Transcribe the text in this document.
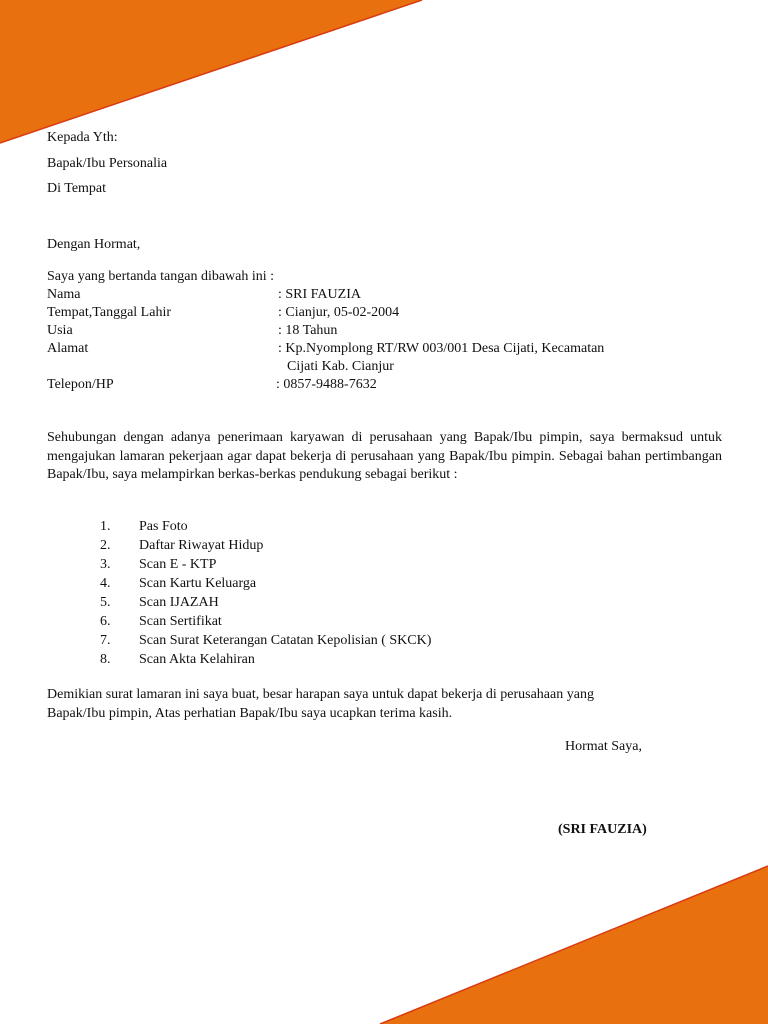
Kepada Yth:
Bapak/Ibu Personalia
Di Tempat
Dengan Hormat,
Saya yang bertanda tangan dibawah ini :
Nama	: SRI FAUZIA
Tempat,Tanggal Lahir	: Cianjur, 05-02-2004
Usia	: 18 Tahun
Alamat	: Kp.Nyomplong RT/RW 003/001 Desa Cijati, Kecamatan
Cijati Kab. Cianjur
Telepon/HP	: 0857-9488-7632
Sehubungan dengan adanya penerimaan karyawan di perusahaan yang Bapak/Ibu pimpin, saya bermaksud untuk mengajukan lamaran pekerjaan agar dapat bekerja di perusahaan yang Bapak/Ibu pimpin. Sebagai bahan pertimbangan Bapak/Ibu, saya melampirkan berkas-berkas pendukung sebagai berikut :
1. Pas Foto
2. Daftar Riwayat Hidup
3. Scan E - KTP
4. Scan Kartu Keluarga
5. Scan IJAZAH
6. Scan Sertifikat
7. Scan Surat Keterangan Catatan Kepolisian ( SKCK)
8. Scan Akta Kelahiran
Demikian surat lamaran ini saya buat, besar harapan saya untuk dapat bekerja di perusahaan yang
Bapak/Ibu pimpin, Atas perhatian Bapak/Ibu saya ucapkan terima kasih.
Hormat Saya,
(SRI FAUZIA)
